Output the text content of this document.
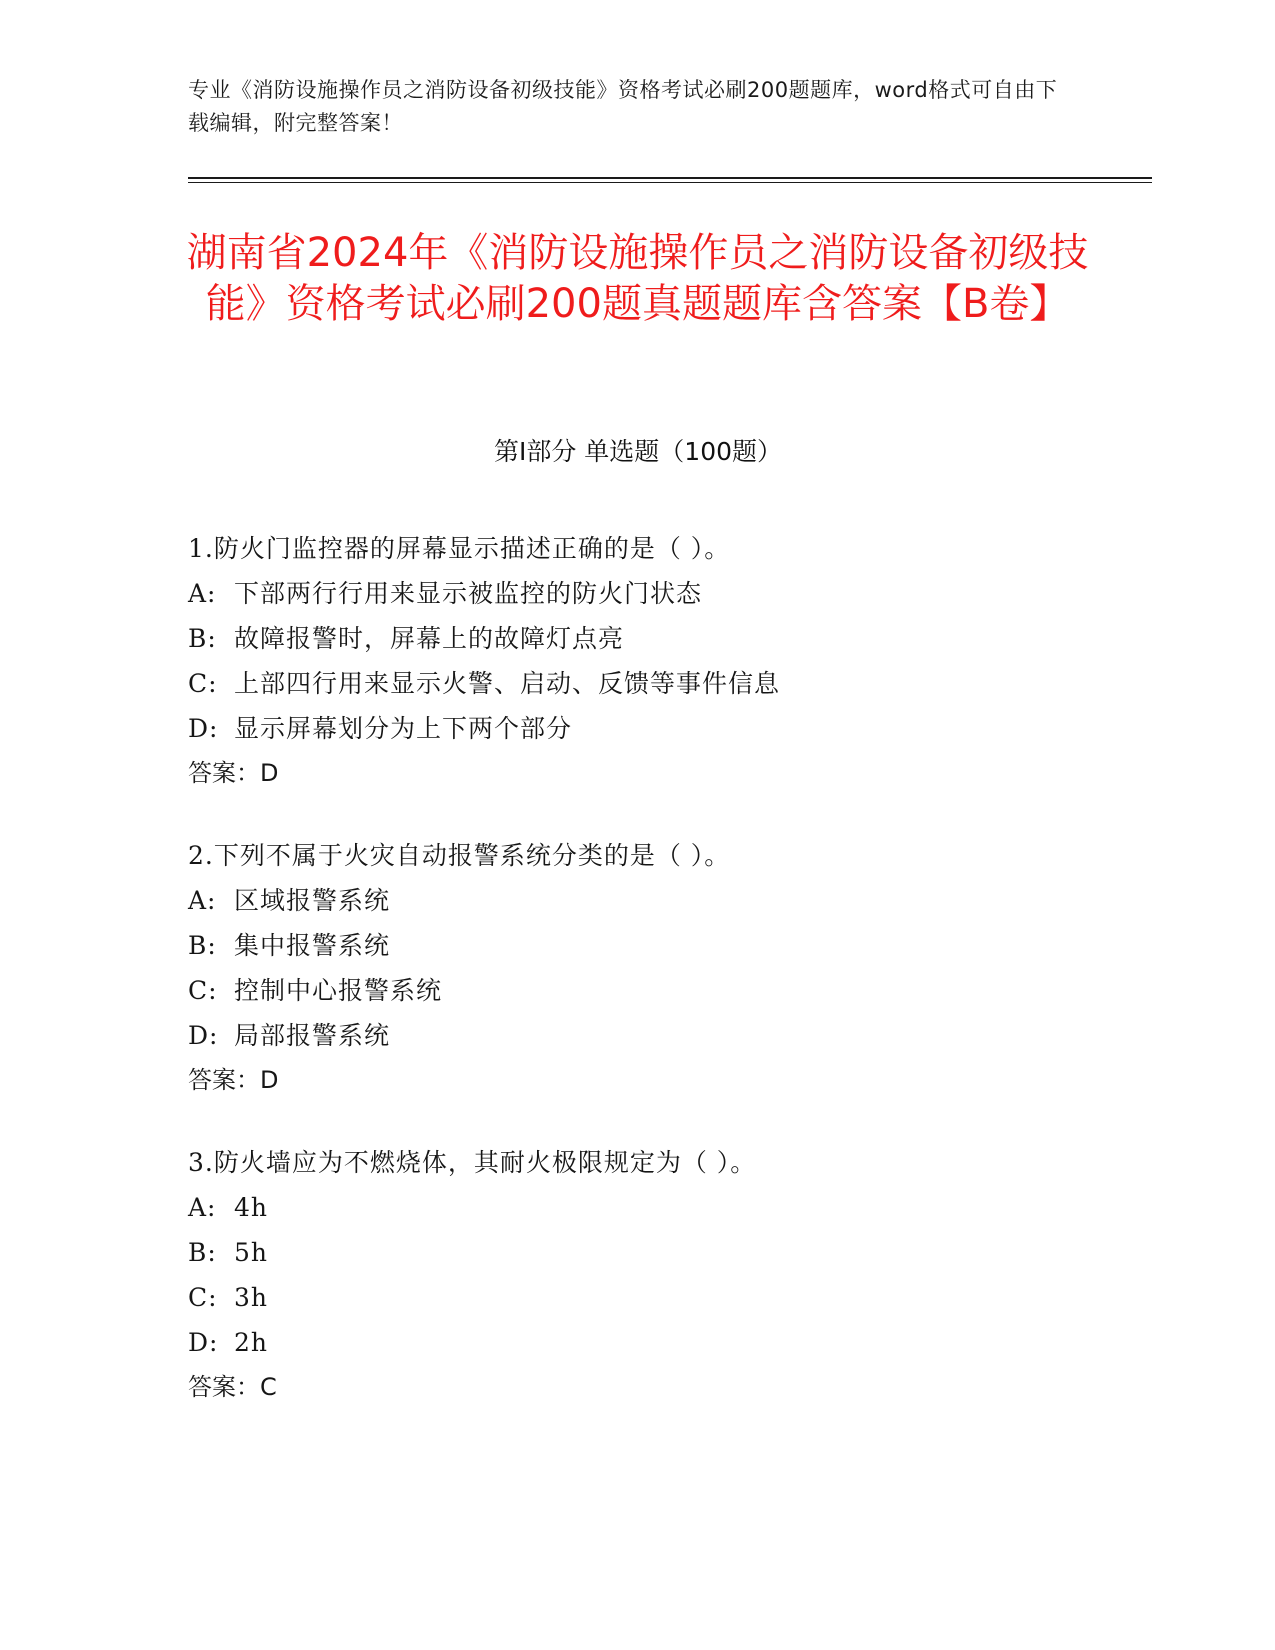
专业《消防设施操作员之消防设备初级技能》资格考试必刷200题题库，word格式可自由下载编辑，附完整答案！
湖南省2024年《消防设施操作员之消防设备初级技能》资格考试必刷200题真题题库含答案【B卷】
第I部分 单选题（100题）
1.防火门监控器的屏幕显示描述正确的是（ ）。
A: 下部两行行用来显示被监控的防火门状态
B: 故障报警时，屏幕上的故障灯点亮
C: 上部四行用来显示火警、启动、反馈等事件信息
D: 显示屏幕划分为上下两个部分
答案：D
2.下列不属于火灾自动报警系统分类的是（ ）。
A: 区域报警系统
B: 集中报警系统
C: 控制中心报警系统
D: 局部报警系统
答案：D
3.防火墙应为不燃烧体，其耐火极限规定为（ ）。
A: 4h
B: 5h
C: 3h
D: 2h
答案：C
